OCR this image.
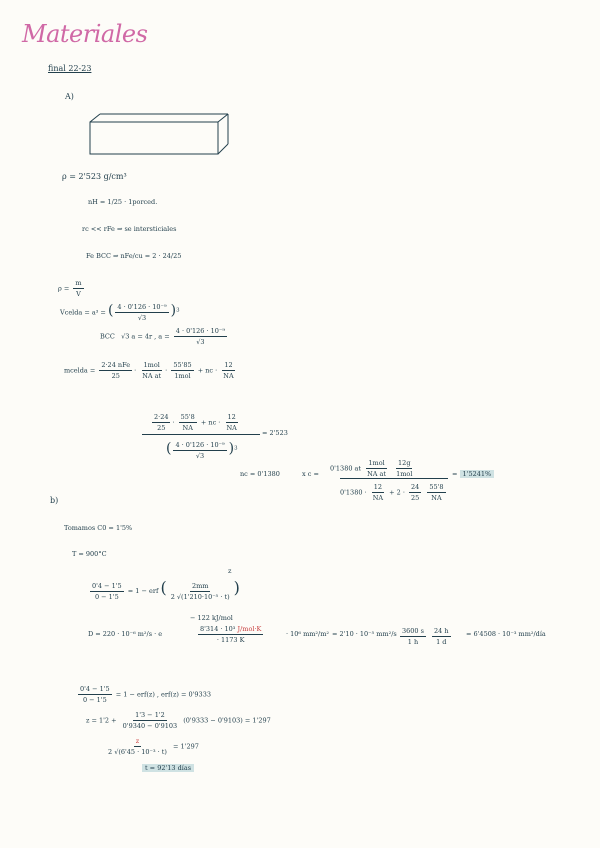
Materiales
final 22-23
A)
ρ = 2'523 g/cm³
nH = 1/25 · 1porced.
rc << rFe ⇒ se intersticiales
Fe BCC ⇒ nFe/cu = 2 · 24/25
$\rho = \frac{m}{V}$
Vcelda = a³ = ( $\frac{\text{4 · 0'126 · 10⁻⁹}}{√3} )^3$
BCC √3 a = 4r , $a = \frac{\text{4 · 0'126 · 10⁻⁹}}{√3}$
mcelda = $\frac{\text{2·24 nFe}}{25} \cdot \frac{\text{1mol}}{\text{NA at}} \cdot \frac{55'85}{\text{1mol}}$ + nc · $\frac{12}{NA}$
$\frac{2\cdot 24}{25} \cdot \frac{55'8}{NA}$ + nc · $\frac{12}{NA}$	= 2'523
( $\frac{\text{4 · 0'126 · 10⁻⁹}}{√3} )^3$
nc = 0'1380	x c =
0'1380 at $\frac{\text{1mol}}{\text{NA at}}$
$\frac{12g}{\text{1mol}}$
$0'1380 \cdot \frac{12}{NA} + 2 \cdot \frac{24}{25}$
$\frac{55'8}{NA}$
= 1'5241%
b)
Tomamos C0 = 1'5%
T = 900°C
$\frac{0'4 - 1'5}{0 - 1'5} = 1$ − erf ( $\frac{2mm}{\text{2 √(1'210·10⁻⁵ · t)}}$ )
z
− 122 kJ/mol
D = 220 · 10⁻⁶ m²/s · e	$\frac{\text{8'314 · 10³ J/mol·K}}{\cdot 1173 K}$	· 10⁶ mm²/m² = 2'10 · 10⁻⁵ $mm^2/s \frac{3600 s}{1 h}$
$\frac{24 h}{1 d} = 6'4508 \cdot 10^{-3}$ mm²/día
$\frac{0'4 - 1'5}{0 - 1'5} = 1 - erf(z)$ , erf(z) = 0'9333
$z = 1'2 + \frac{1'3 - 1'2}{0'9340 - 0'9103} (0'9333 - 0'9103) = 1'297$
$\frac{z}{\text{2 √(6'45 · 10⁻³ · t)}} = 1'297$
t = 92'13 días
